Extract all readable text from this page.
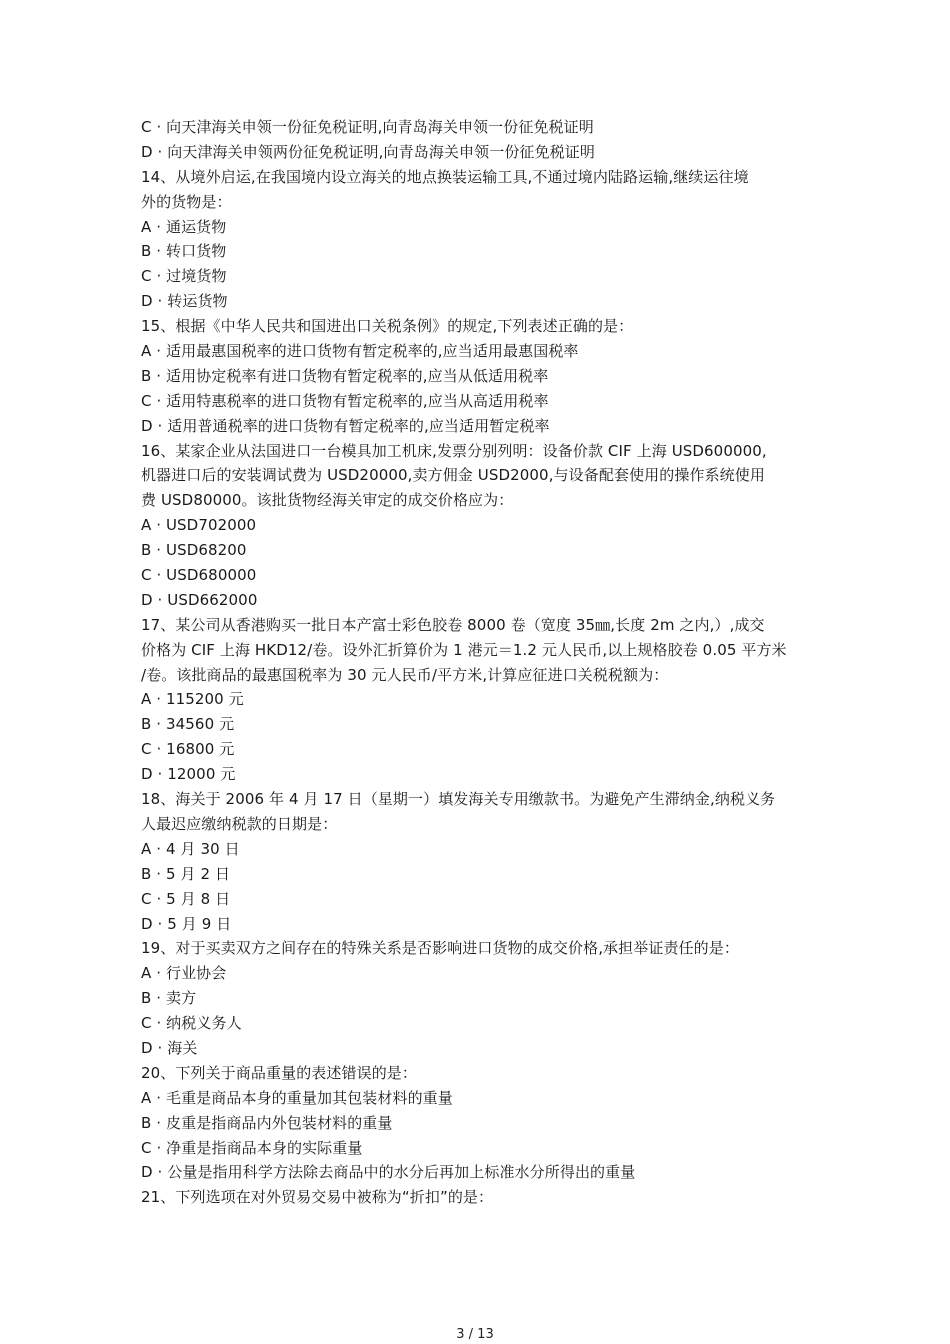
C · 向天津海关申领一份征免税证明,向青岛海关申领一份征免税证明
D · 向天津海关申领两份征免税证明,向青岛海关申领一份征免税证明
14、从境外启运,在我国境内设立海关的地点换装运输工具,不通过境内陆路运输,继续运往境
外的货物是：
A · 通运货物
B · 转口货物
C · 过境货物
D · 转运货物
15、根据《中华人民共和国进出口关税条例》的规定,下列表述正确的是：
A · 适用最惠国税率的进口货物有暂定税率的,应当适用最惠国税率
B · 适用协定税率有进口货物有暂定税率的,应当从低适用税率
C · 适用特惠税率的进口货物有暂定税率的,应当从高适用税率
D · 适用普通税率的进口货物有暂定税率的,应当适用暂定税率
16、某家企业从法国进口一台模具加工机床,发票分别列明：设备价款 CIF 上海 USD600000,
机器进口后的安装调试费为 USD20000,卖方佣金 USD2000,与设备配套使用的操作系统使用
费 USD80000。该批货物经海关审定的成交价格应为：
A · USD702000
B · USD68200
C · USD680000
D · USD662000
17、某公司从香港购买一批日本产富士彩色胶卷 8000 卷（宽度 35㎜,长度 2m 之内,）,成交
价格为 CIF 上海 HKD12/卷。设外汇折算价为 1 港元＝1.2 元人民币,以上规格胶卷 0.05 平方米
/卷。该批商品的最惠国税率为 30 元人民币/平方米,计算应征进口关税税额为：
A · 115200 元
B · 34560 元
C · 16800 元
D · 12000 元
18、海关于 2006 年 4 月 17 日（星期一）填发海关专用缴款书。为避免产生滞纳金,纳税义务
人最迟应缴纳税款的日期是：
A · 4 月 30 日
B · 5 月 2 日
C · 5 月 8 日
D · 5 月 9 日
19、对于买卖双方之间存在的特殊关系是否影响进口货物的成交价格,承担举证责任的是：
A · 行业协会
B · 卖方
C · 纳税义务人
D · 海关
20、下列关于商品重量的表述错误的是：
A · 毛重是商品本身的重量加其包装材料的重量
B · 皮重是指商品内外包装材料的重量
C · 净重是指商品本身的实际重量
D · 公量是指用科学方法除去商品中的水分后再加上标准水分所得出的重量
21、下列选项在对外贸易交易中被称为“折扣”的是：
3 / 13
